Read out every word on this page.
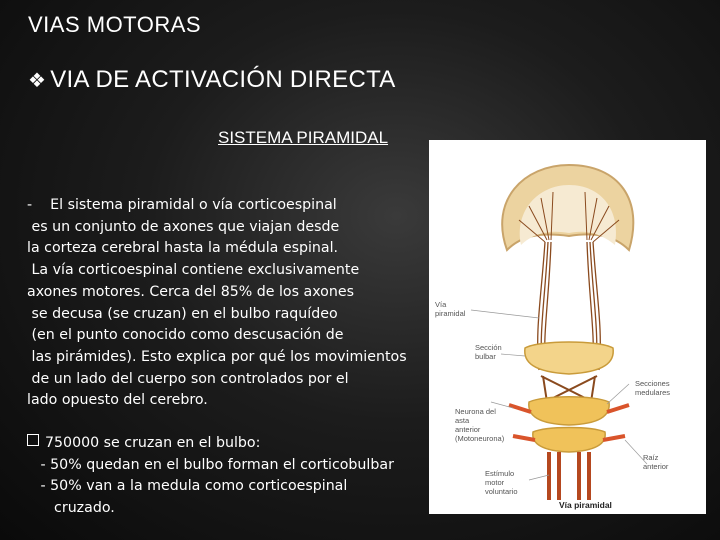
VIAS MOTORAS
❖ VIA DE ACTIVACIÓN DIRECTA
SISTEMA PIRAMIDAL
-    El sistema piramidal o vía corticoespinal
es un conjunto de axones que viajan desde
la corteza cerebral hasta la médula espinal.
La vía corticoespinal contiene exclusivamente
axones motores. Cerca del 85% de los axones
se decusa (se cruzan) en el bulbo raquídeo
(en el punto conocido como descusación de
las pirámides). Esto explica por qué los movimientos
de un lado del cuerpo son controlados por el
lado opuesto del cerebro.
750000 se cruzan en el bulbo:
- 50% quedan en el bulbo forman el corticobulbar
- 50% van a la medula como corticoespinal
cruzado.
Vía
piramidal
Sección
bulbar
Secciones
medulares
Neurona del
asta
anterior
(Motoneurona)
Raíz
anterior
Estímulo
motor
voluntario
Vía piramidal
